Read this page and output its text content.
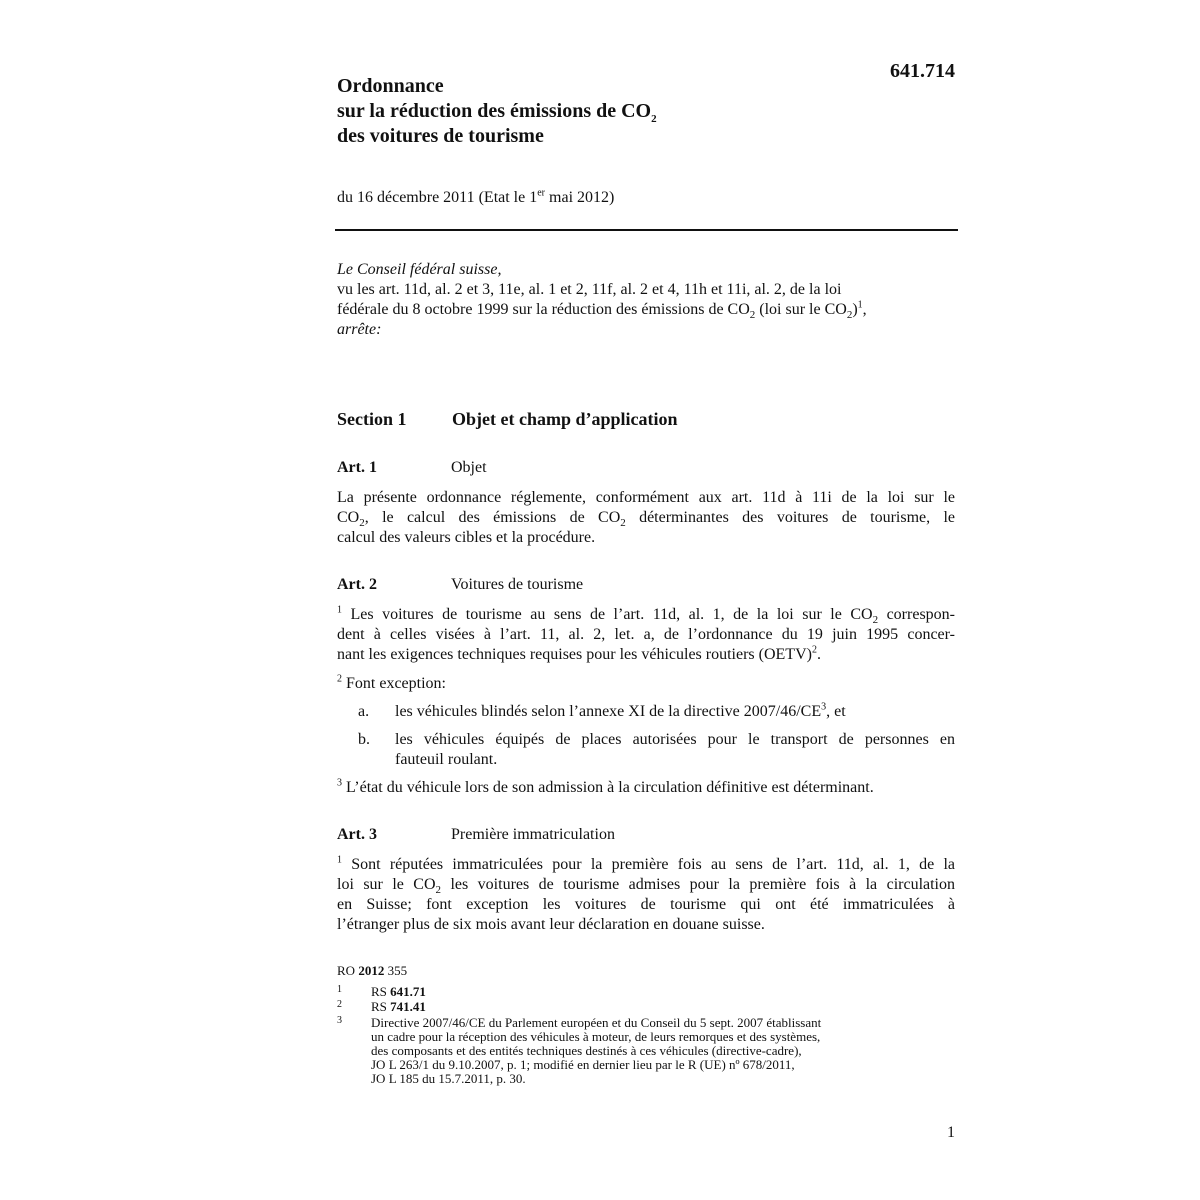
641.714
Ordonnance
sur la réduction des émissions de $CO_2$
des voitures de tourisme
du 16 décembre 2011 (Etat le 1er mai 2012)
Le Conseil fédéral suisse,
vu les art. 11d, al. 2 et 3, 11e, al. 1 et 2, 11f, al. 2 et 4, 11h et 11i, al. 2, de la loi
fédérale du 8 octobre 1999 sur la réduction des émissions de $CO_2$ (loi sur le $CO_2)^1$,
arrête:
Section 1	Objet et champ d’application
Art. 1	Objet
La présente ordonnance réglemente, conformément aux art. 11d à 11i de la loi sur le
$CO_2$, le calcul des émissions de $CO_2$ déterminantes des voitures de tourisme, le
calcul des valeurs cibles et la procédure.
Art. 2	Voitures de tourisme
$^1$ Les voitures de tourisme au sens de l’art. 11d, al. 1, de la loi sur le $CO_2$ correspon-
dent à celles visées à l’art. 11, al. 2, let. a, de l’ordonnance du 19 juin 1995 concer-
nant les exigences techniques requises pour les véhicules routiers (OETV)$^2$.
$^2$ Font exception:
a. les véhicules blindés selon l’annexe XI de la directive $2007/46/CE^3$, et
b. les véhicules équipés de places autorisées pour le transport de personnes en
fauteuil roulant.
$^3$ L’état du véhicule lors de son admission à la circulation définitive est déterminant.
Art. 3	Première immatriculation
$^1$ Sont réputées immatriculées pour la première fois au sens de l’art. 11d, al. 1, de la
loi sur le $CO_2$ les voitures de tourisme admises pour la première fois à la circulation
en Suisse; font exception les voitures de tourisme qui ont été immatriculées à
l’étranger plus de six mois avant leur déclaration en douane suisse.
RO 2012 355
1 RS 641.71
2 RS 741.41
3 Directive 2007/46/CE du Parlement européen et du Conseil du 5 sept. 2007 établissant
un cadre pour la réception des véhicules à moteur, de leurs remorques et des systèmes,
des composants et des entités techniques destinés à ces véhicules (directive-cadre),
JO L 263/1 du 9.10.2007, p. 1; modifié en dernier lieu par le R (UE) nº 678/2011,
JO L 185 du 15.7.2011, p. 30.
1
